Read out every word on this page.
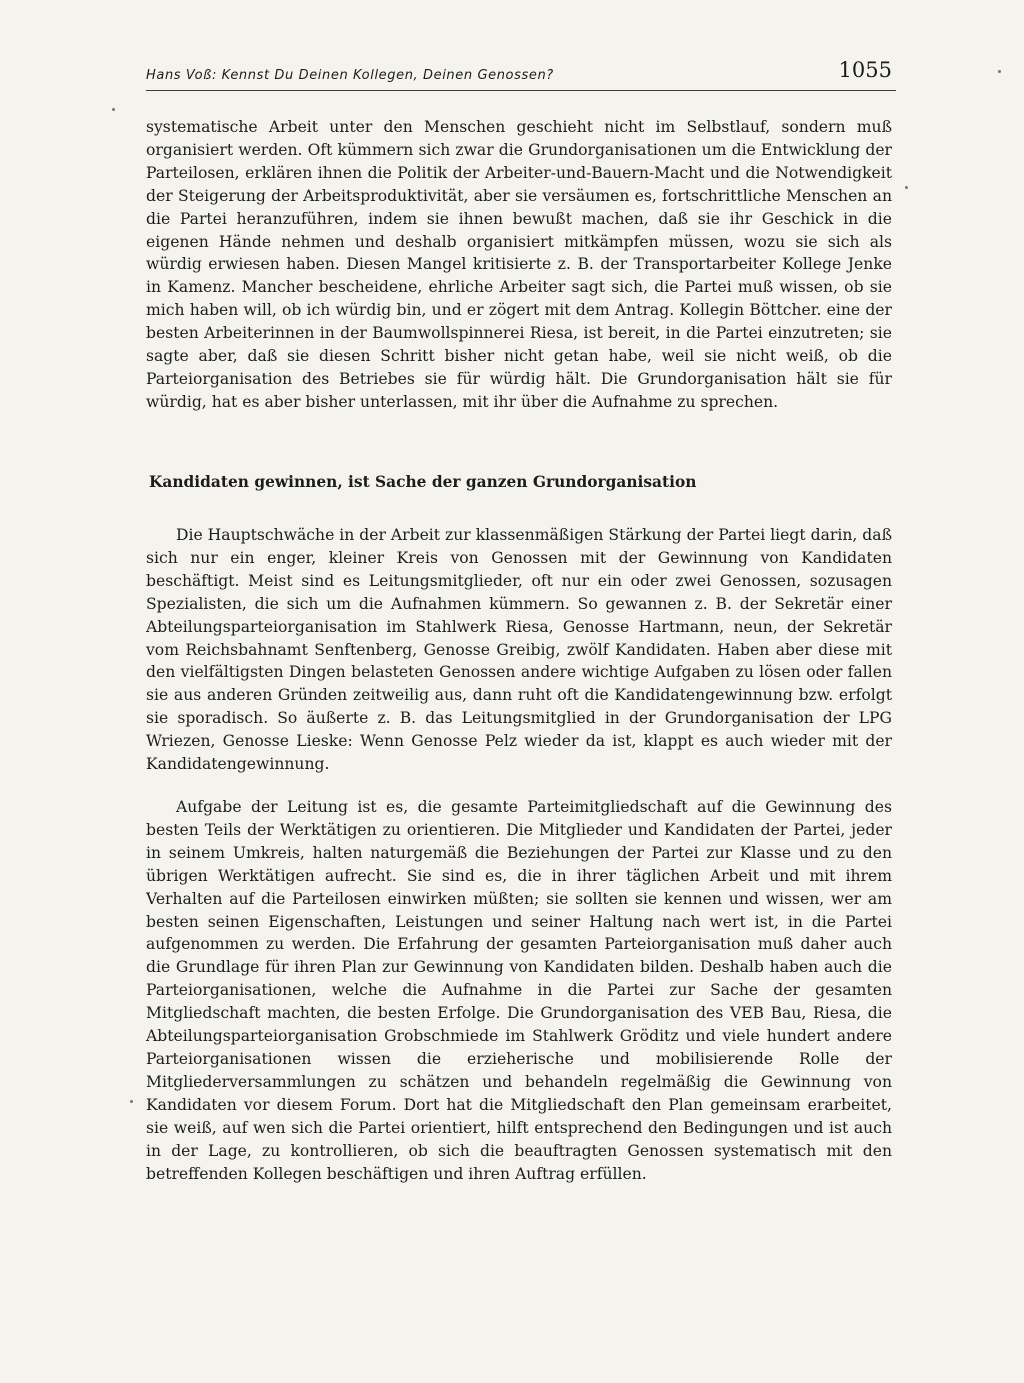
Hans Voß: Kennst Du Deinen Kollegen, Deinen Genossen?	1055

systematische Arbeit unter den Menschen geschieht nicht im Selbstlauf, sondern muß organisiert werden. Oft kümmern sich zwar die Grundorganisationen um die Entwicklung der Parteilosen, erklären ihnen die Politik der Arbeiter-und-Bauern-Macht und die Notwendigkeit der Steigerung der Arbeitsproduktivität, aber sie versäumen es, fortschrittliche Menschen an die Partei heranzuführen, indem sie ihnen bewußt machen, daß sie ihr Geschick in die eigenen Hände nehmen und deshalb organisiert mitkämpfen müssen, wozu sie sich als würdig erwiesen haben. Diesen Mangel kritisierte z. B. der Transportarbeiter Kollege Jenke in Kamenz. Mancher bescheidene, ehrliche Arbeiter sagt sich, die Partei muß wissen, ob sie mich haben will, ob ich würdig bin, und er zögert mit dem Antrag. Kollegin Böttcher. eine der besten Arbeiterinnen in der Baumwollspinnerei Riesa, ist bereit, in die Partei einzutreten; sie sagte aber, daß sie diesen Schritt bisher nicht getan habe, weil sie nicht weiß, ob die Parteiorganisation des Betriebes sie für würdig hält. Die Grundorganisation hält sie für würdig, hat es aber bisher unterlassen, mit ihr über die Aufnahme zu sprechen.

Kandidaten gewinnen, ist Sache der ganzen Grundorganisation

Die Hauptschwäche in der Arbeit zur klassenmäßigen Stärkung der Partei liegt darin, daß sich nur ein enger, kleiner Kreis von Genossen mit der Gewinnung von Kandidaten beschäftigt. Meist sind es Leitungsmitglieder, oft nur ein oder zwei Genossen, sozusagen Spezialisten, die sich um die Aufnahmen kümmern. So gewannen z. B. der Sekretär einer Abteilungsparteiorganisation im Stahlwerk Riesa, Genosse Hartmann, neun, der Sekretär vom Reichsbahnamt Senftenberg, Genosse Greibig, zwölf Kandidaten. Haben aber diese mit den vielfältigsten Dingen belasteten Genossen andere wichtige Aufgaben zu lösen oder fallen sie aus anderen Gründen zeitweilig aus, dann ruht oft die Kandidatengewinnung bzw. erfolgt sie sporadisch. So äußerte z. B. das Leitungsmitglied in der Grundorganisation der LPG Wriezen, Genosse Lieske: Wenn Genosse Pelz wieder da ist, klappt es auch wieder mit der Kandidatengewinnung.

Aufgabe der Leitung ist es, die gesamte Parteimitgliedschaft auf die Gewinnung des besten Teils der Werktätigen zu orientieren. Die Mitglieder und Kandidaten der Partei, jeder in seinem Umkreis, halten naturgemäß die Beziehungen der Partei zur Klasse und zu den übrigen Werktätigen aufrecht. Sie sind es, die in ihrer täglichen Arbeit und mit ihrem Verhalten auf die Parteilosen einwirken müßten; sie sollten sie kennen und wissen, wer am besten seinen Eigenschaften, Leistungen und seiner Haltung nach wert ist, in die Partei aufgenommen zu werden. Die Erfahrung der gesamten Parteiorganisation muß daher auch die Grundlage für ihren Plan zur Gewinnung von Kandidaten bilden. Deshalb haben auch die Parteiorganisationen, welche die Aufnahme in die Partei zur Sache der gesamten Mitgliedschaft machten, die besten Erfolge. Die Grundorganisation des VEB Bau, Riesa, die Abteilungsparteiorganisation Grobschmiede im Stahlwerk Gröditz und viele hundert andere Parteiorganisationen wissen die erzieherische und mobilisierende Rolle der Mitgliederversammlungen zu schätzen und behandeln regelmäßig die Gewinnung von Kandidaten vor diesem Forum. Dort hat die Mitgliedschaft den Plan gemeinsam erarbeitet, sie weiß, auf wen sich die Partei orientiert, hilft entsprechend den Bedingungen und ist auch in der Lage, zu kontrollieren, ob sich die beauftragten Genossen systematisch mit den betreffenden Kollegen beschäftigen und ihren Auftrag erfüllen.
